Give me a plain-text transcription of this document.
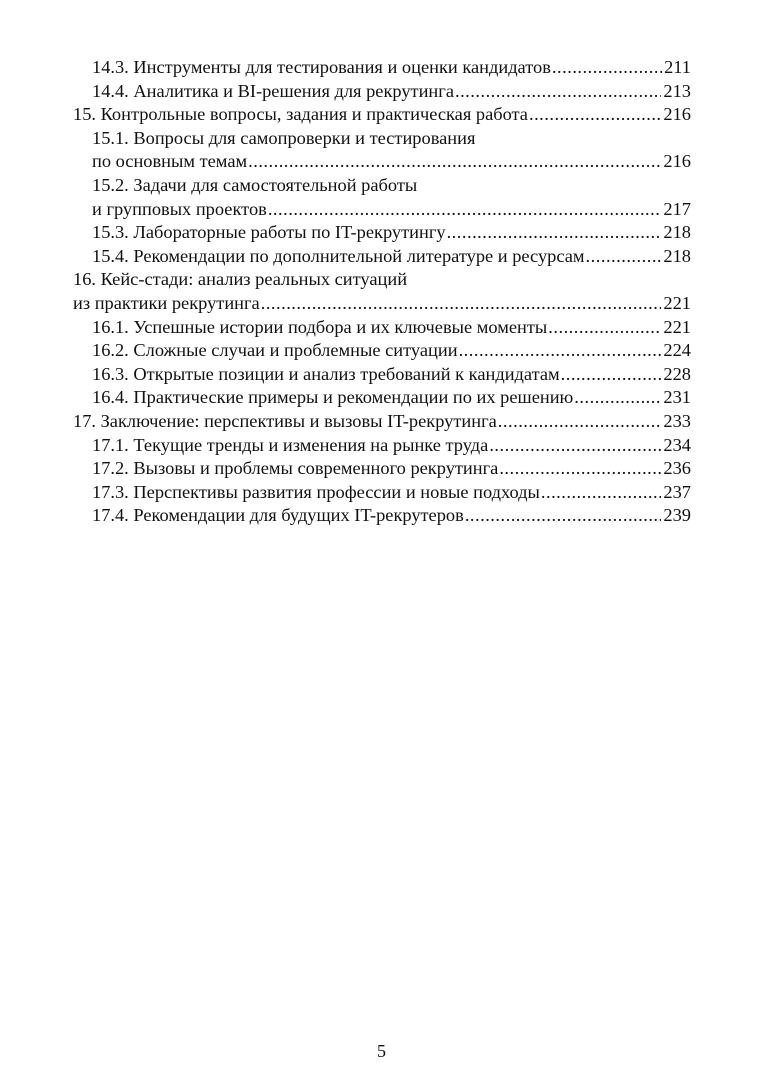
14.3. Инструменты для тестирования и оценки кандидатов .....	211
14.4. Аналитика и BI-решения для рекрутинга .....	213
15. Контрольные вопросы, задания и практическая работа .....	216
15.1. Вопросы для самопроверки и тестирования
по основным темам .....	216
15.2. Задачи для самостоятельной работы
и групповых проектов .....	217
15.3. Лабораторные работы по IT-рекрутингу .....	218
15.4. Рекомендации по дополнительной литературе и ресурсам .....	218
16. Кейс-стади: анализ реальных ситуаций
из практики рекрутинга .....	221
16.1. Успешные истории подбора и их ключевые моменты .....	221
16.2. Сложные случаи и проблемные ситуации .....	224
16.3. Открытые позиции и анализ требований к кандидатам .....	228
16.4. Практические примеры и рекомендации по их решению .....	231
17. Заключение: перспективы и вызовы IT-рекрутинга .....	233
17.1. Текущие тренды и изменения на рынке труда .....	234
17.2. Вызовы и проблемы современного рекрутинга .....	236
17.3. Перспективы развития профессии и новые подходы .....	237
17.4. Рекомендации для будущих IT-рекрутеров .....	239
5
